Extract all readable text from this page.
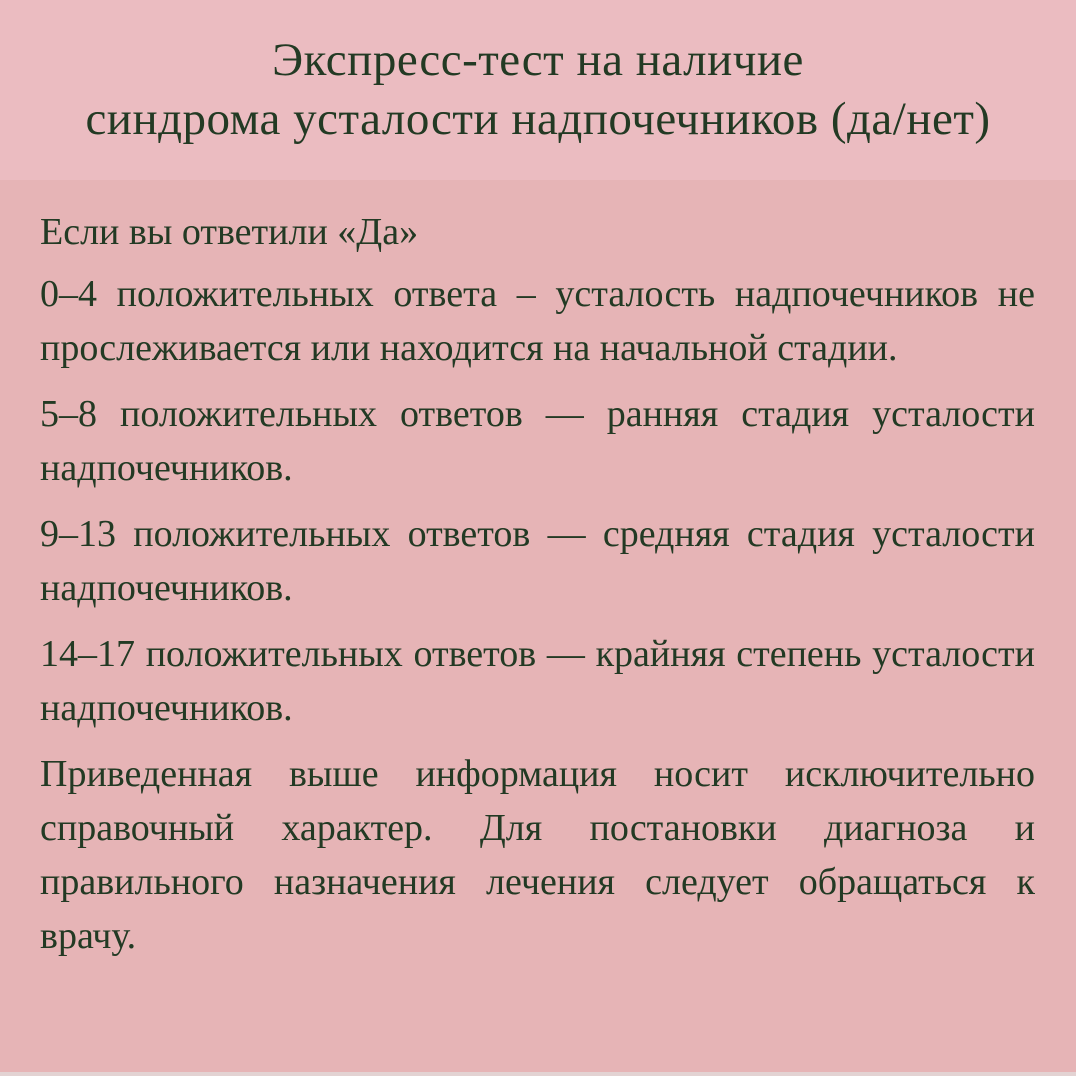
Экспресс-тест на наличие
синдрома усталости надпочечников (да/нет)

Если вы ответили «Да»

0–4 положительных ответа – усталость надпочечников не прослеживается или находится на начальной стадии.

5–8 положительных ответов — ранняя стадия усталости надпочечников.

9–13 положительных ответов — средняя стадия усталости надпочечников.

14–17 положительных ответов — крайняя степень усталости надпочечников.

Приведенная выше информация носит исключительно справочный характер. Для постановки диагноза и правильного назначения лечения следует обращаться к врачу.
